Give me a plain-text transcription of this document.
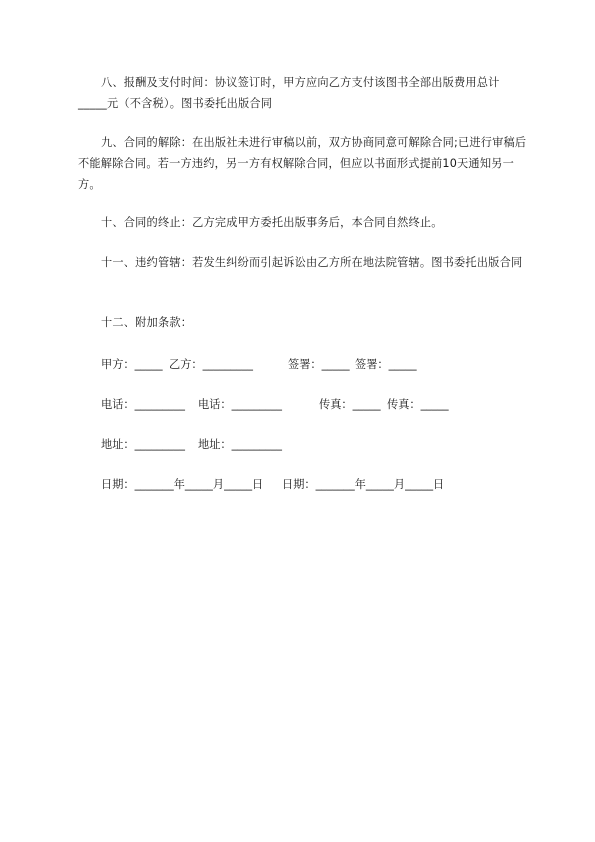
八、报酬及支付时间：协议签订时，甲方应向乙方支付该图书全部出版费用总计_____元（不含税）。图书委托出版合同

九、合同的解除：在出版社未进行审稿以前，双方协商同意可解除合同;已进行审稿后不能解除合同。若一方违约，另一方有权解除合同，但应以书面形式提前10天通知另一方。

十、合同的终止：乙方完成甲方委托出版事务后，本合同自然终止。

十一、违约管辖：若发生纠纷而引起诉讼由乙方所在地法院管辖。图书委托出版合同

十二、附加条款：

甲方：_____

乙方：_________

	签署：_____

签署：_____

电话：_________

电话：_________

	传真：_____

传真：_____

地址：_________

地址：_________

日期：_______年_____月_____日

日期：_______年_____月_____日
